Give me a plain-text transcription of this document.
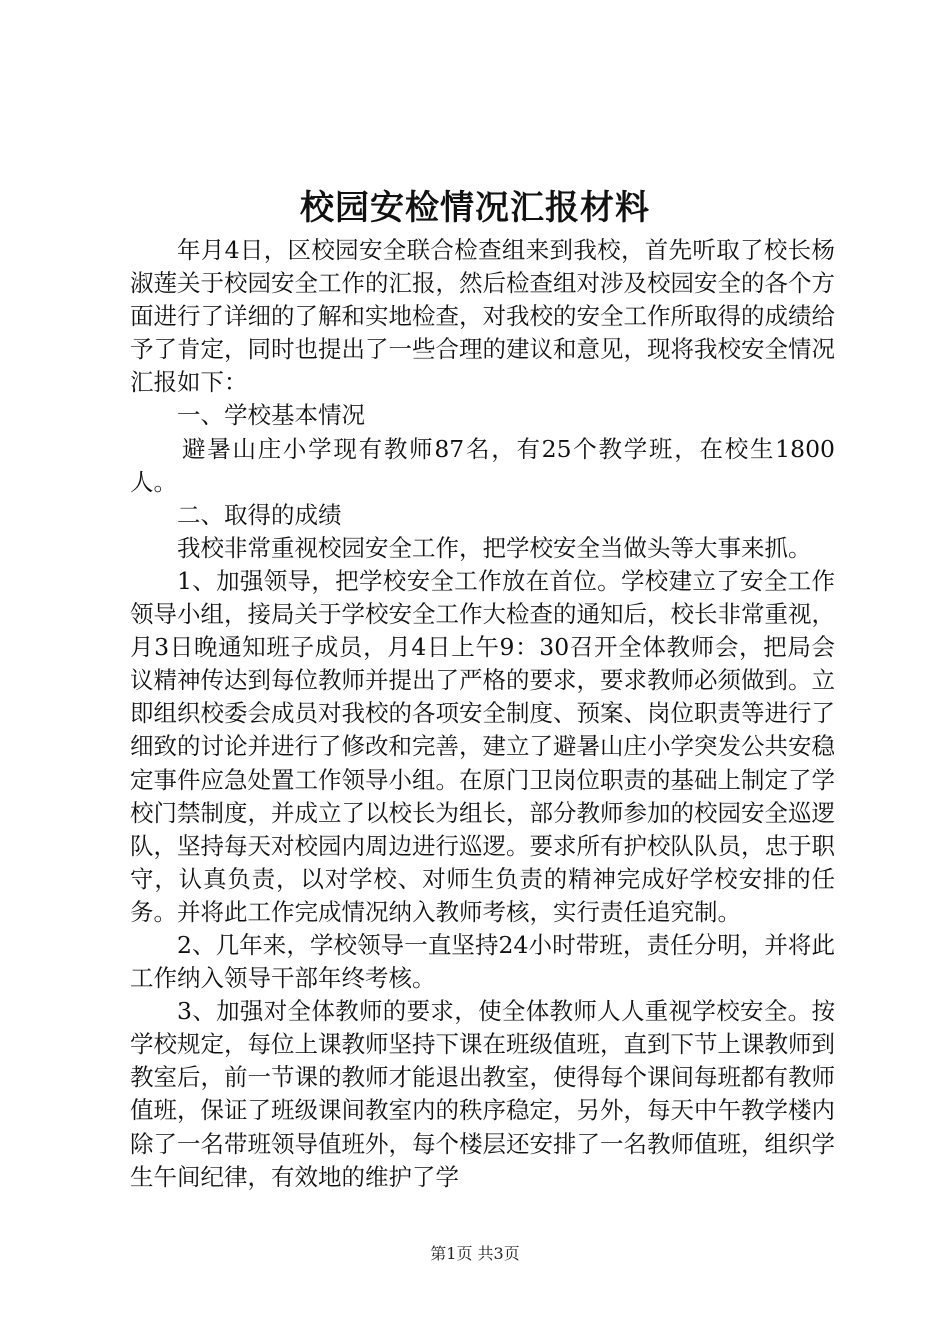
校园安检情况汇报材料

年月4日，区校园安全联合检查组来到我校，首先听取了校长杨淑莲关于校园安全工作的汇报，然后检查组对涉及校园安全的各个方面进行了详细的了解和实地检查，对我校的安全工作所取得的成绩给予了肯定，同时也提出了一些合理的建议和意见，现将我校安全情况汇报如下：

一、学校基本情况

避暑山庄小学现有教师87名，有25个教学班，在校生1800人。

二、取得的成绩

我校非常重视校园安全工作，把学校安全当做头等大事来抓。

1、加强领导，把学校安全工作放在首位。学校建立了安全工作领导小组，接局关于学校安全工作大检查的通知后，校长非常重视，月3日晚通知班子成员，月4日上午9：30召开全体教师会，把局会议精神传达到每位教师并提出了严格的要求，要求教师必须做到。立即组织校委会成员对我校的各项安全制度、预案、岗位职责等进行了细致的讨论并进行了修改和完善，建立了避暑山庄小学突发公共安稳定事件应急处置工作领导小组。在原门卫岗位职责的基础上制定了学校门禁制度，并成立了以校长为组长，部分教师参加的校园安全巡逻队，坚持每天对校园内周边进行巡逻。要求所有护校队队员，忠于职守，认真负责，以对学校、对师生负责的精神完成好学校安排的任务。并将此工作完成情况纳入教师考核，实行责任追究制。

2、几年来，学校领导一直坚持24小时带班，责任分明，并将此工作纳入领导干部年终考核。

3、加强对全体教师的要求，使全体教师人人重视学校安全。按学校规定，每位上课教师坚持下课在班级值班，直到下节上课教师到教室后，前一节课的教师才能退出教室，使得每个课间每班都有教师值班，保证了班级课间教室内的秩序稳定，另外，每天中午教学楼内除了一名带班领导值班外，每个楼层还安排了一名教师值班，组织学生午间纪律，有效地的维护了学

第1页 共3页
